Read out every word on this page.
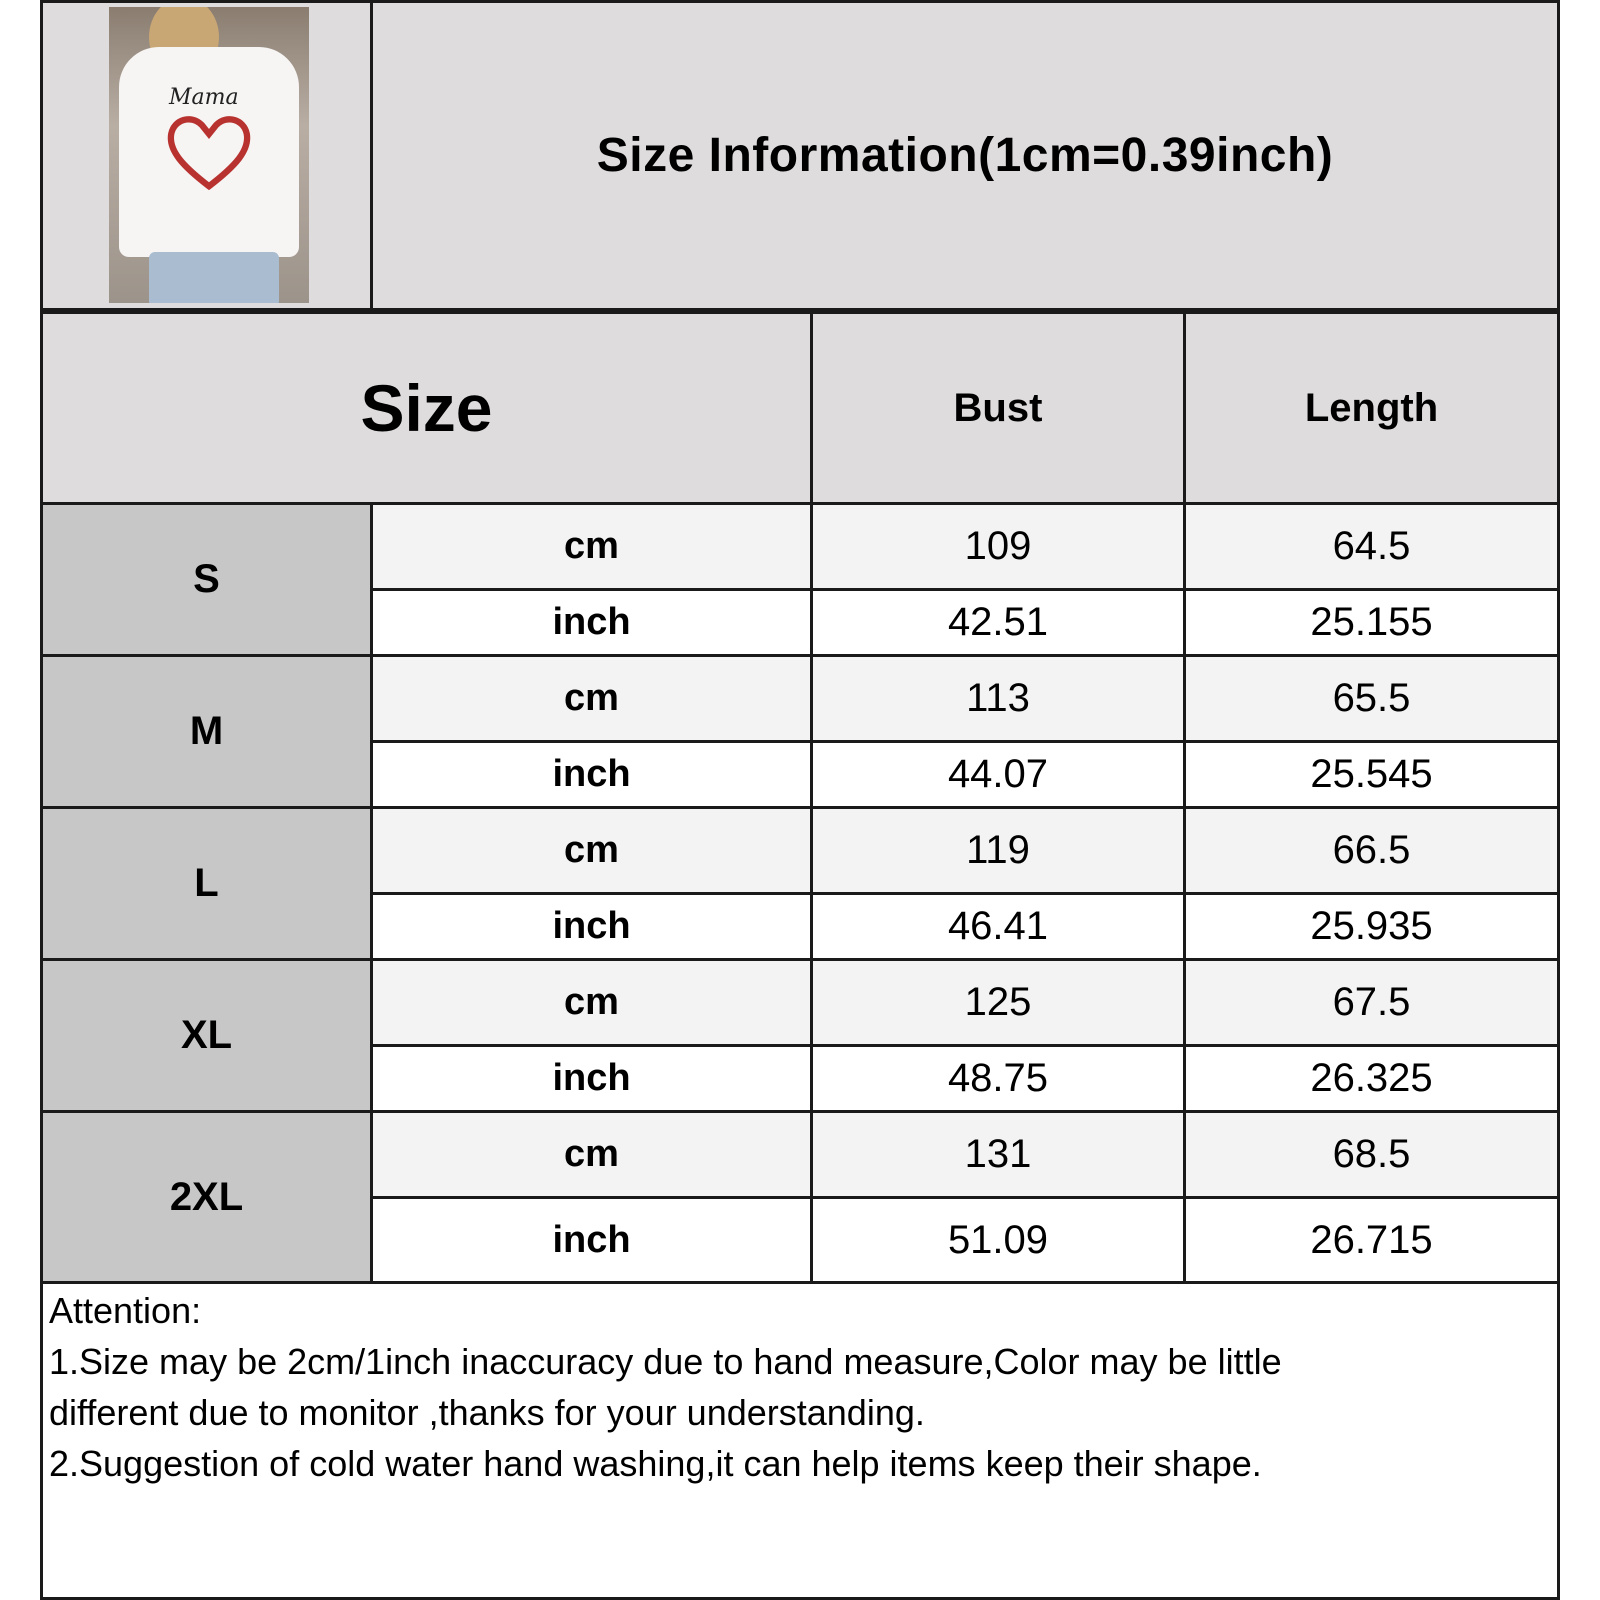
Mama
Size Information(1cm=0.39inch)
Size	Bust	Length
S
cm	109	64.5
inch	42.51	25.155
M
cm	113	65.5
inch	44.07	25.545
L
cm	119	66.5
inch	46.41	25.935
XL
cm	125	67.5
inch	48.75	26.325
2XL
cm	131	68.5
inch	51.09	26.715
Attention:
1.Size may be 2cm/1inch inaccuracy due to hand measure,Color may be little
different due to monitor ,thanks for your understanding.
2.Suggestion of cold water hand washing,it can help items keep their shape.
